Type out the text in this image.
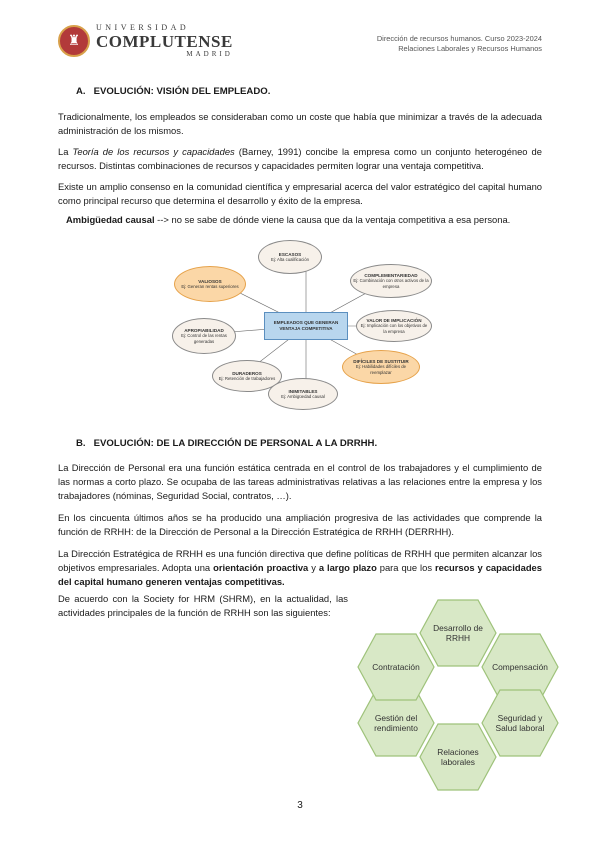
♜
UNIVERSIDAD
COMPLUTENSE
MADRID
Dirección de recursos humanos. Curso 2023-2024
Relaciones Laborales y Recursos Humanos
A. EVOLUCIÓN: VISIÓN DEL EMPLEADO.

Tradicionalmente, los empleados se consideraban como un coste que había que minimizar a través de la adecuada administración de los mismos.

La Teoría de los recursos y capacidades (Barney, 1991) concibe la empresa como un conjunto heterogéneo de recursos. Distintas combinaciones de recursos y capacidades permiten lograr una ventaja competitiva.

Existe un amplio consenso en la comunidad científica y empresarial acerca del valor estratégico del capital humano como principal recurso que determina el desarrollo y éxito de la empresa.

Ambigüedad causal --> no se sabe de dónde viene la causa que da la ventaja competitiva a esa persona.

ESCASOS
Ej: Alta cualificación
VALIOSOS
Ej: Generan rentas superiores
COMPLEMENTARIEDAD
Ej: Combinación con otros activos de la empresa
APROPIABILIDAD
Ej: Control de las rentas generadas
EMPLEADOS QUE GENERAN VENTAJA COMPETITIVA
VALOR DE IMPLICACIÓN
Ej: Implicación con los objetivos de la empresa
DURADEROS
Ej: Retención de trabajadores
DIFÍCILES DE SUSTITUIR
Ej: Habilidades difíciles de reemplazar
INIMITABLES
Ej: Ambigüedad causal
B. EVOLUCIÓN: DE LA DIRECCIÓN DE PERSONAL A LA DRRHH.

La Dirección de Personal era una función estática centrada en el control de los trabajadores y el cumplimiento de las normas a corto plazo. Se ocupaba de las tareas administrativas relativas a las relaciones entre la empresa y los trabajadores (nóminas, Seguridad Social, contratos, …).

En los cincuenta últimos años se ha producido una ampliación progresiva de las actividades que comprende la función de RRHH: de la Dirección de Personal a la Dirección Estratégica de RRHH (DERRHH).

La Dirección Estratégica de RRHH es una función directiva que define políticas de RRHH que permiten alcanzar los objetivos empresariales. Adopta una orientación proactiva y a largo plazo para que los recursos y capacidades del capital humano generen ventajas competitivas.

De acuerdo con la Society for HRM (SHRM), en la actualidad, las actividades principales de la función de RRHH son las siguientes:

Desarrollo de RRHH
Compensación
Seguridad y Salud laboral
Relaciones laborales
Gestión del rendimiento
Contratación
3
